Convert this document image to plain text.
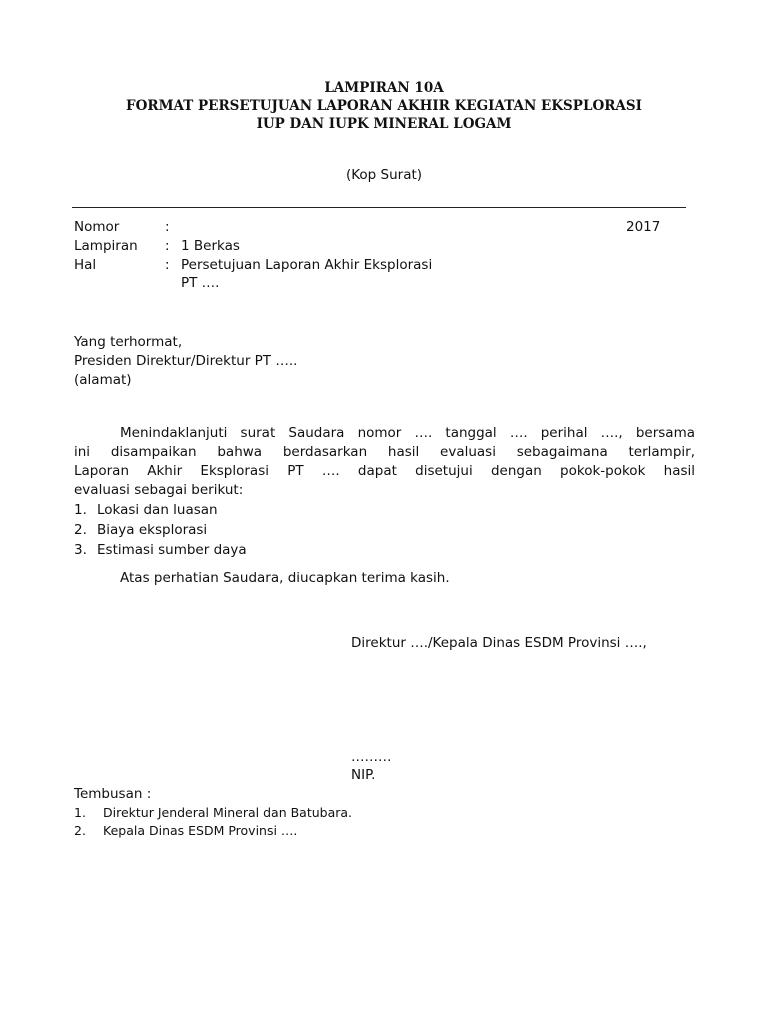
LAMPIRAN 10A
FORMAT PERSETUJUAN LAPORAN AKHIR KEGIATAN EKSPLORASI
IUP DAN IUPK MINERAL LOGAM
(Kop Surat)
Nomor	:	2017
Lampiran : 1 Berkas
Hal	: Persetujuan Laporan Akhir Eksplorasi
PT ….
Yang terhormat,
Presiden Direktur/Direktur PT …..
(alamat)
Menindaklanjuti surat Saudara nomor …. tanggal …. perihal …., bersama
ini disampaikan bahwa berdasarkan hasil evaluasi sebagaimana terlampir,
Laporan Akhir Eksplorasi PT …. dapat disetujui dengan pokok-pokok hasil
evaluasi sebagai berikut:
1. Lokasi dan luasan
2. Biaya eksplorasi
3. Estimasi sumber daya
Atas perhatian Saudara, diucapkan terima kasih.
Direktur …./Kepala Dinas ESDM Provinsi ….,
………
NIP.
Tembusan :
1. Direktur Jenderal Mineral dan Batubara.
2. Kepala Dinas ESDM Provinsi ….
